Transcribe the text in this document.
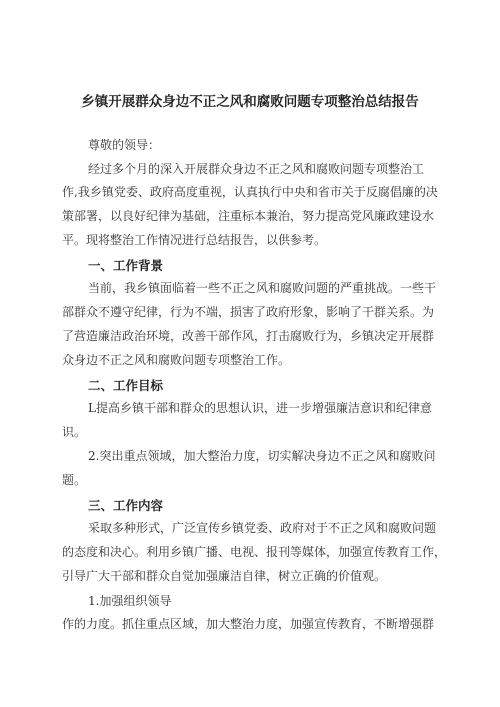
乡镇开展群众身边不正之风和腐败问题专项整治总结报告
尊敬的领导：
经过多个月的深入开展群众身边不正之风和腐败问题专项整治工
作,我乡镇党委、政府高度重视，认真执行中央和省市关于反腐倡廉的决
策部署，以良好纪律为基础，注重标本兼治，努力提高党风廉政建设水
平。现将整治工作情况进行总结报告，以供参考。
一、工作背景
当前，我乡镇面临着一些不正之风和腐败问题的严重挑战。一些干
部群众不遵守纪律，行为不端，损害了政府形象，影响了干群关系。为
了营造廉洁政治环境，改善干部作风，打击腐败行为，乡镇决定开展群
众身边不正之风和腐败问题专项整治工作。
二、工作目标
L提高乡镇干部和群众的思想认识，进一步增强廉洁意识和纪律意
识。
2.突出重点领域，加大整治力度，切实解决身边不正之风和腐败问
题。
三、工作内容
采取多种形式，广泛宣传乡镇党委、政府对于不正之风和腐败问题
的态度和决心。利用乡镇广播、电视、报刊等媒体，加强宣传教育工作，
引导广大干部和群众自觉加强廉洁自律，树立正确的价值观。
1.加强组织领导
作的力度。抓住重点区域，加大整治力度，加强宣传教育，不断增强群
